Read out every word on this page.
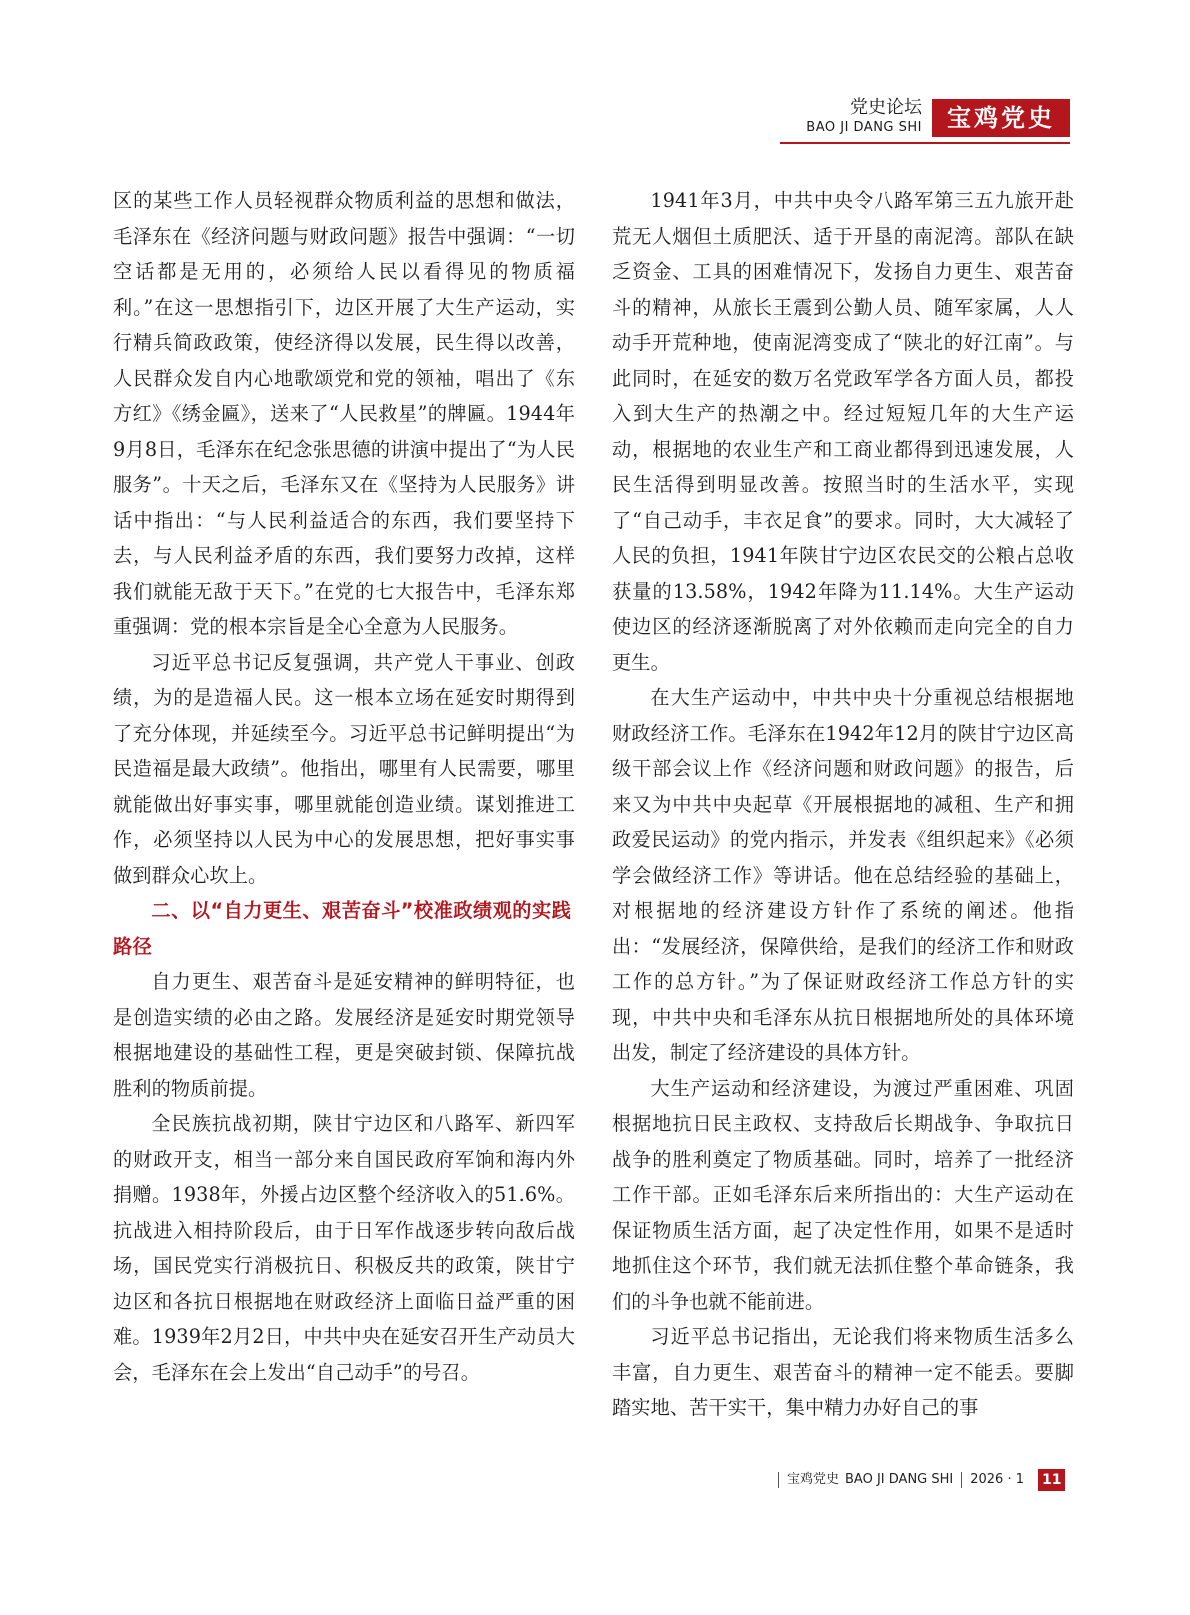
党史论坛
BAO JI DANG SHI	宝鸡党史

区的某些工作人员轻视群众物质利益的思想和做法，毛泽东在《经济问题与财政问题》报告中强调：“一切空话都是无用的，必须给人民以看得见的物质福利。”在这一思想指引下，边区开展了大生产运动，实行精兵简政政策，使经济得以发展，民生得以改善，人民群众发自内心地歌颂党和党的领袖，唱出了《东方红》《绣金匾》，送来了“人民救星”的牌匾。1944年9月8日，毛泽东在纪念张思德的讲演中提出了“为人民服务”。十天之后，毛泽东又在《坚持为人民服务》讲话中指出：“与人民利益适合的东西，我们要坚持下去，与人民利益矛盾的东西，我们要努力改掉，这样我们就能无敌于天下。”在党的七大报告中，毛泽东郑重强调：党的根本宗旨是全心全意为人民服务。

习近平总书记反复强调，共产党人干事业、创政绩，为的是造福人民。这一根本立场在延安时期得到了充分体现，并延续至今。习近平总书记鲜明提出“为民造福是最大政绩”。他指出，哪里有人民需要，哪里就能做出好事实事，哪里就能创造业绩。谋划推进工作，必须坚持以人民为中心的发展思想，把好事实事做到群众心坎上。

二、以“自力更生、艰苦奋斗”校准政绩观的实践路径

自力更生、艰苦奋斗是延安精神的鲜明特征，也是创造实绩的必由之路。发展经济是延安时期党领导根据地建设的基础性工程，更是突破封锁、保障抗战胜利的物质前提。

全民族抗战初期，陕甘宁边区和八路军、新四军的财政开支，相当一部分来自国民政府军饷和海内外捐赠。1938年，外援占边区整个经济收入的51.6%。抗战进入相持阶段后，由于日军作战逐步转向敌后战场，国民党实行消极抗日、积极反共的政策，陕甘宁边区和各抗日根据地在财政经济上面临日益严重的困难。1939年2月2日，中共中央在延安召开生产动员大会，毛泽东在会上发出“自己动手”的号召。

1941年3月，中共中央令八路军第三五九旅开赴荒无人烟但土质肥沃、适于开垦的南泥湾。部队在缺乏资金、工具的困难情况下，发扬自力更生、艰苦奋斗的精神，从旅长王震到公勤人员、随军家属，人人动手开荒种地，使南泥湾变成了“陕北的好江南”。与此同时，在延安的数万名党政军学各方面人员，都投入到大生产的热潮之中。经过短短几年的大生产运动，根据地的农业生产和工商业都得到迅速发展，人民生活得到明显改善。按照当时的生活水平，实现了“自己动手，丰衣足食”的要求。同时，大大减轻了人民的负担，1941年陕甘宁边区农民交的公粮占总收获量的13.58%，1942年降为11.14%。大生产运动使边区的经济逐渐脱离了对外依赖而走向完全的自力更生。

在大生产运动中，中共中央十分重视总结根据地财政经济工作。毛泽东在1942年12月的陕甘宁边区高级干部会议上作《经济问题和财政问题》的报告，后来又为中共中央起草《开展根据地的减租、生产和拥政爱民运动》的党内指示，并发表《组织起来》《必须学会做经济工作》等讲话。他在总结经验的基础上，对根据地的经济建设方针作了系统的阐述。他指出：“发展经济，保障供给，是我们的经济工作和财政工作的总方针。”为了保证财政经济工作总方针的实现，中共中央和毛泽东从抗日根据地所处的具体环境出发，制定了经济建设的具体方针。

大生产运动和经济建设，为渡过严重困难、巩固根据地抗日民主政权、支持敌后长期战争、争取抗日战争的胜利奠定了物质基础。同时，培养了一批经济工作干部。正如毛泽东后来所指出的：大生产运动在保证物质生活方面，起了决定性作用，如果不是适时地抓住这个环节，我们就无法抓住整个革命链条，我们的斗争也就不能前进。

习近平总书记指出，无论我们将来物质生活多么丰富，自力更生、艰苦奋斗的精神一定不能丢。要脚踏实地、苦干实干，集中精力办好自己的事

宝鸡党史 BAO JI DANG SHI 2026 · 1 11
